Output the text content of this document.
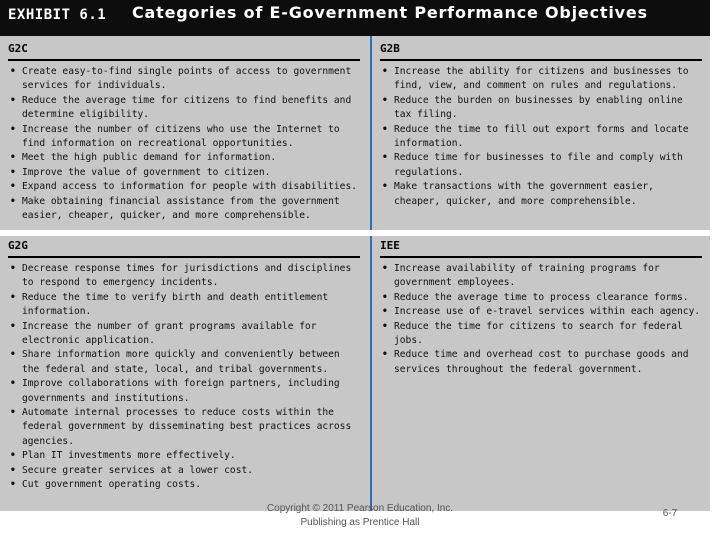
EXHIBIT 6.1 Categories of E-Government Performance Objectives
G2C
• Create easy-to-find single points of access to government services for individuals.
• Reduce the average time for citizens to find benefits and determine eligibility.
• Increase the number of citizens who use the Internet to find information on recreational opportunities.
• Meet the high public demand for information.
• Improve the value of government to citizen.
• Expand access to information for people with disabilities.
• Make obtaining financial assistance from the government easier, cheaper, quicker, and more comprehensible.
G2B
• Increase the ability for citizens and businesses to find, view, and comment on rules and regulations.
• Reduce the burden on businesses by enabling online tax filing.
• Reduce the time to fill out export forms and locate information.
• Reduce time for businesses to file and comply with regulations.
• Make transactions with the government easier, cheaper, quicker, and more comprehensible.
G2G
• Decrease response times for jurisdictions and disciplines to respond to emergency incidents.
• Reduce the time to verify birth and death entitlement information.
• Increase the number of grant programs available for electronic application.
• Share information more quickly and conveniently between the federal and state, local, and tribal governments.
• Improve collaborations with foreign partners, including governments and institutions.
• Automate internal processes to reduce costs within the federal government by disseminating best practices across agencies.
• Plan IT investments more effectively.
• Secure greater services at a lower cost.
• Cut government operating costs.
IEE
• Increase availability of training programs for government employees.
• Reduce the average time to process clearance forms.
• Increase use of e-travel services within each agency.
• Reduce the time for citizens to search for federal jobs.
• Reduce time and overhead cost to purchase goods and services throughout the federal government.
Copyright © 2011 Pearson Education, Inc.
Publishing as Prentice Hall
6-7
